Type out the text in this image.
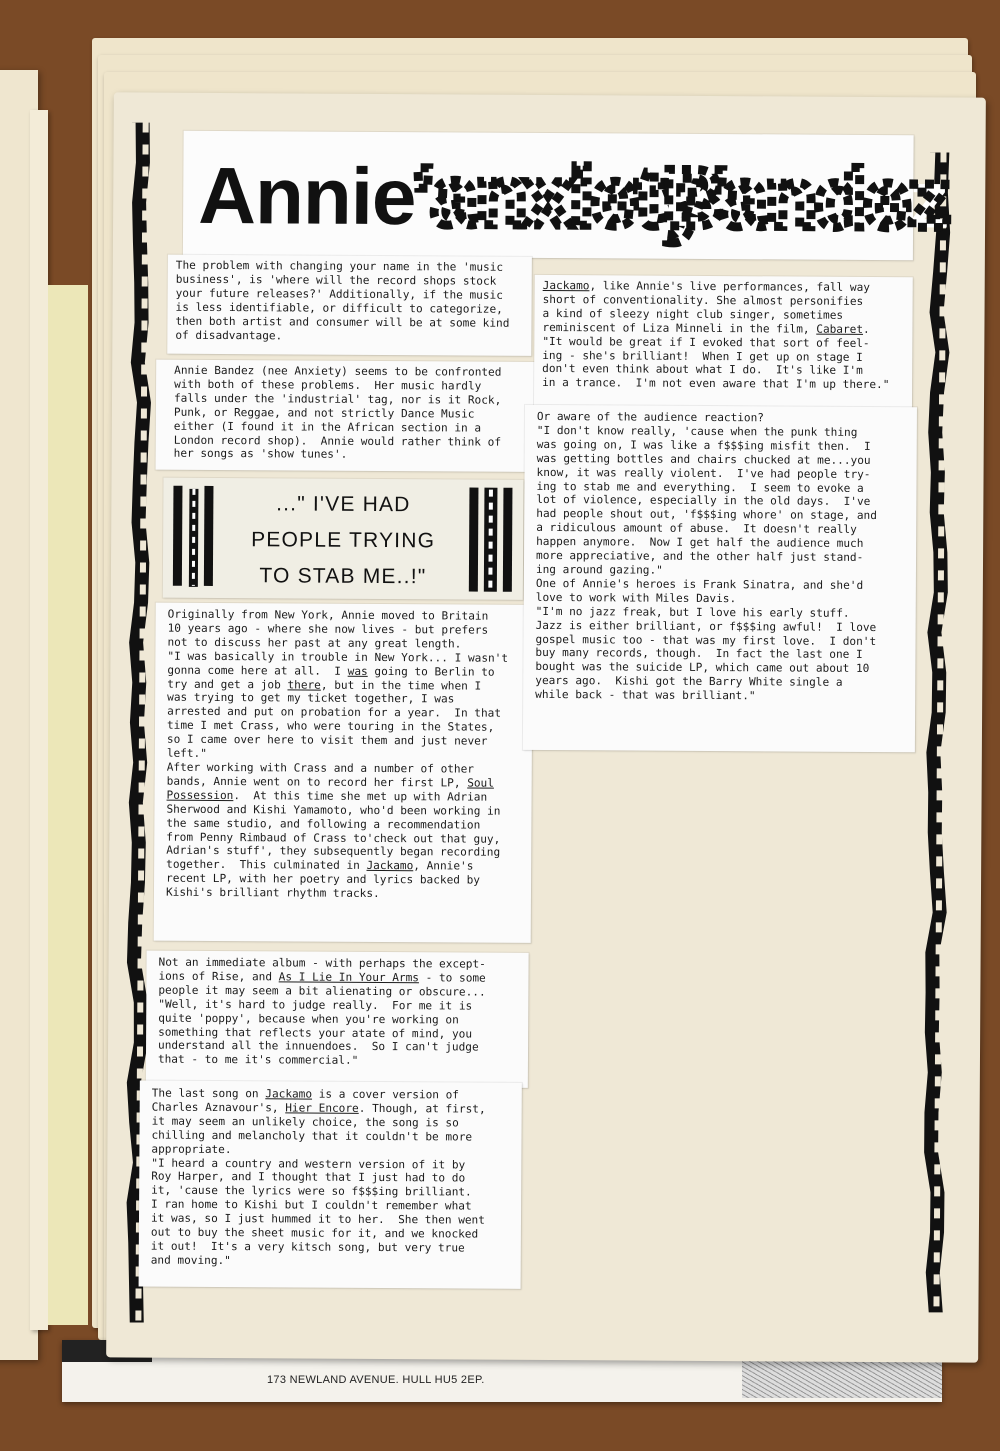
173 NEWLAND AVENUE. HULL HU5 2EP.
Annie
'anxiety'
Bandez

The problem with changing your name in the 'music

business', is 'where will the record shops stock

your future releases?' Additionally, if the music

is less identifiable, or difficult to categorize,

then both artist and consumer will be at some kind

of disadvantage.

Annie Bandez (nee Anxiety) seems to be confronted

with both of these problems.  Her music hardly

falls under the 'industrial' tag, nor is it Rock,

Punk, or Reggae, and not strictly Dance Music

either (I found it in the African section in a

London record shop).  Annie would rather think of

her songs as 'show tunes'.

..." I'VE HAD
PEOPLE TRYING
TO STAB ME..!"

Originally from New York, Annie moved to Britain

10 years ago - where she now lives - but prefers

not to discuss her past at any great length.

"I was basically in trouble in New York... I wasn't

gonna come here at all.  I was going to Berlin to

try and get a job there, but in the time when I

was trying to get my ticket together, I was

arrested and put on probation for a year.  In that

time I met Crass, who were touring in the States,

so I came over here to visit them and just never

left."

After working with Crass and a number of other

bands, Annie went on to record her first LP, Soul

Possession.  At this time she met up with Adrian

Sherwood and Kishi Yamamoto, who'd been working in

the same studio, and following a recommendation

from Penny Rimbaud of Crass to'check out that guy,

Adrian's stuff', they subsequently began recording

together.  This culminated in Jackamo, Annie's

recent LP, with her poetry and lyrics backed by

Kishi's brilliant rhythm tracks.

Not an immediate album - with perhaps the except-

ions of Rise, and As I Lie In Your Arms - to some

people it may seem a bit alienating or obscure...

"Well, it's hard to judge really.  For me it is

quite 'poppy', because when you're working on

something that reflects your atate of mind, you

understand all the innuendoes.  So I can't judge

that - to me it's commercial."

The last song on Jackamo is a cover version of

Charles Aznavour's, Hier Encore. Though, at first,

it may seem an unlikely choice, the song is so

chilling and melancholy that it couldn't be more

appropriate.

"I heard a country and western version of it by

Roy Harper, and I thought that I just had to do

it, 'cause the lyrics were so f$$$ing brilliant.

I ran home to Kishi but I couldn't remember what

it was, so I just hummed it to her.  She then went

out to buy the sheet music for it, and we knocked

it out!  It's a very kitsch song, but very true

and moving."

Jackamo, like Annie's live performances, fall way

short of conventionality. She almost personifies

a kind of sleezy night club singer, sometimes

reminiscent of Liza Minneli in the film, Cabaret.

"It would be great if I evoked that sort of feel-

ing - she's brilliant!  When I get up on stage I

don't even think about what I do.  It's like I'm

in a trance.  I'm not even aware that I'm up there."

Or aware of the audience reaction?

"I don't know really, 'cause when the punk thing

was going on, I was like a f$$$ing misfit then.  I

was getting bottles and chairs chucked at me...you

know, it was really violent.  I've had people try-

ing to stab me and everything.  I seem to evoke a

lot of violence, especially in the old days.  I've

had people shout out, 'f$$$ing whore' on stage, and

a ridiculous amount of abuse.  It doesn't really

happen anymore.  Now I get half the audience much

more appreciative, and the other half just stand-

ing around gazing."

One of Annie's heroes is Frank Sinatra, and she'd

love to work with Miles Davis.

"I'm no jazz freak, but I love his early stuff.

Jazz is either brilliant, or f$$$ing awful!  I love

gospel music too - that was my first love.  I don't

buy many records, though.  In fact the last one I

bought was the suicide LP, which came out about 10

years ago.  Kishi got the Barry White single a

while back - that was brilliant."
